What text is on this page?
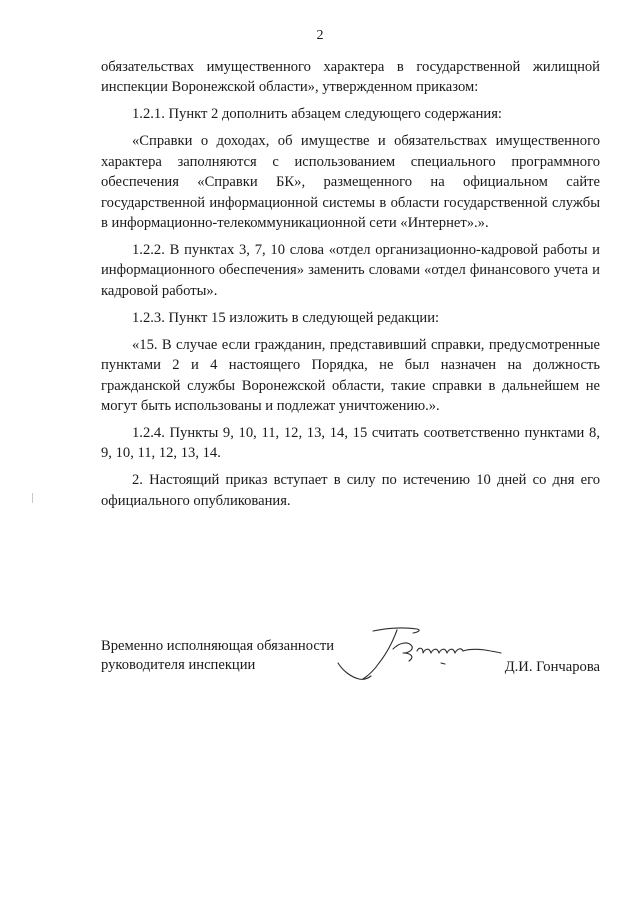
2

обязательствах имущественного характера в государственной жилищной инспекции Воронежской области», утвержденном приказом:

1.2.1. Пункт 2 дополнить абзацем следующего содержания:

«Справки о доходах, об имуществе и обязательствах имущественного характера заполняются с использованием специального программного обеспечения «Справки БК», размещенного на официальном сайте государственной информационной системы в области государственной службы в информационно-телекоммуникационной сети «Интернет».».

1.2.2. В пунктах 3, 7, 10 слова «отдел организационно-кадровой работы и информационного обеспечения» заменить словами «отдел финансового учета и кадровой работы».

1.2.3. Пункт 15 изложить в следующей редакции:

«15. В случае если гражданин, представивший справки, предусмотренные пунктами 2 и 4 настоящего Порядка, не был назначен на должность гражданской службы Воронежской области, такие справки в дальнейшем не могут быть использованы и подлежат уничтожению.».

1.2.4. Пункты 9, 10, 11, 12, 13, 14, 15 считать соответственно пунктами 8, 9, 10, 11, 12, 13, 14.

2. Настоящий приказ вступает в силу по истечению 10 дней со дня его официального опубликования.

Временно исполняющая обязанности
руководителя инспекции	Д.И. Гончарова
